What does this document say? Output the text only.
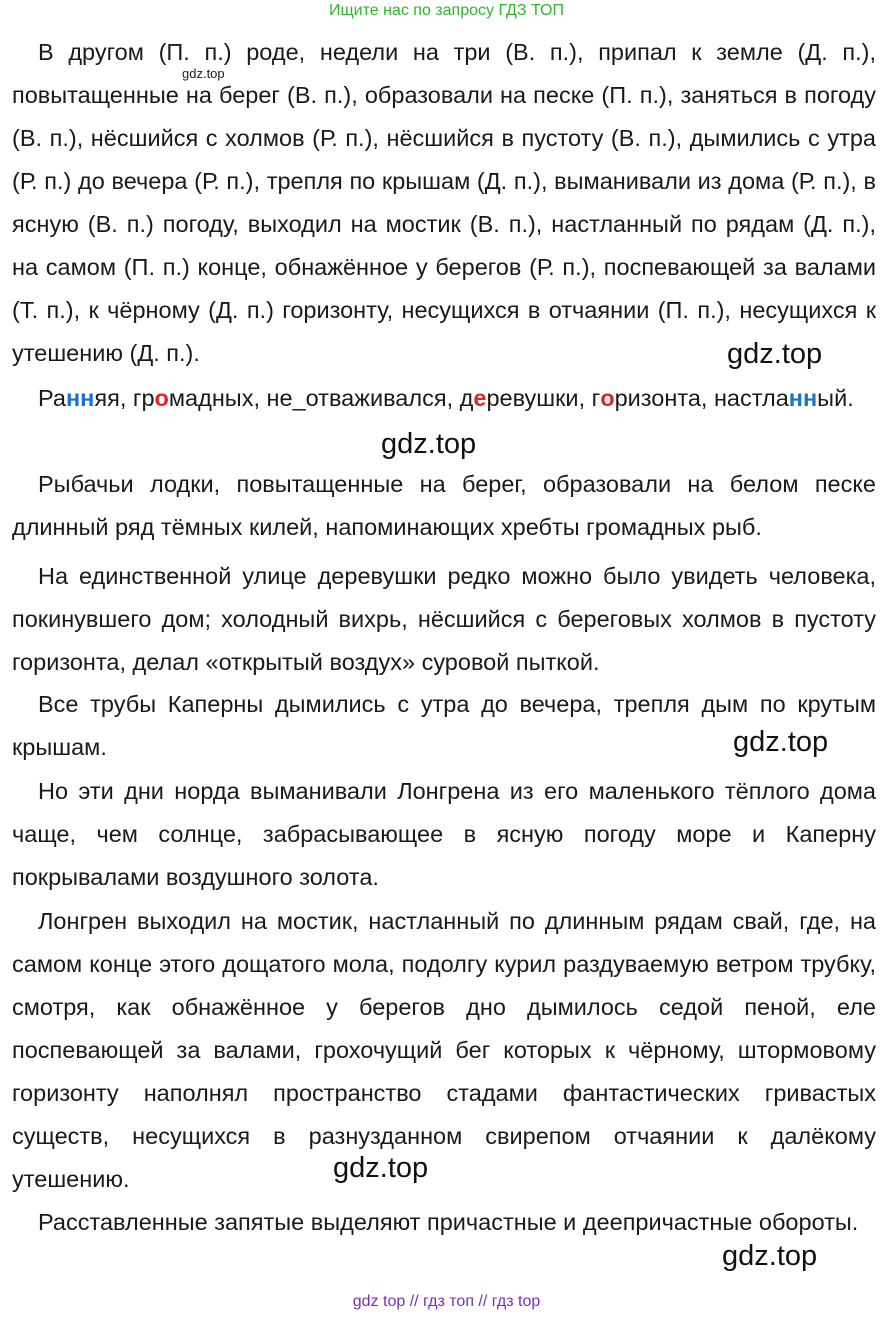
Ищите нас по запросу ГДЗ ТОП

В другом (П. п.) роде, недели на три (В. п.), припал к земле (Д. п.), повытащенные на берег (В. п.), образовали на песке (П. п.), заняться в погоду (В. п.), нёсшийся с холмов (Р. п.), нёсшийся в пустоту (В. п.), дымились с утра (Р. п.) до вечера (Р. п.), трепля по крышам (Д. п.), выманивали из дома (Р. п.), в ясную (В. п.) погоду, выходил на мостик (В. п.), настланный по рядам (Д. п.), на самом (П. п.) конце, обнажённое у берегов (Р. п.), поспевающей за валами (Т. п.), к чёрному (Д. п.) горизонту, несущихся в отчаянии (П. п.), несущихся к утешению (Д. п.).

Ранняя, громадных, не_отваживался, деревушки, горизонта, настланный.

Рыбачьи лодки, повытащенные на берег, образовали на белом песке длинный ряд тёмных килей, напоминающих хребты громадных рыб.

На единственной улице деревушки редко можно было увидеть человека, покинувшего дом; холодный вихрь, нёсшийся с береговых холмов в пустоту горизонта, делал «открытый воздух» суровой пыткой.

Все трубы Каперны дымились с утра до вечера, трепля дым по крутым крышам.

Но эти дни норда выманивали Лонгрена из его маленького тёплого дома чаще, чем солнце, забрасывающее в ясную погоду море и Каперну покрывалами воздушного золота.

Лонгрен выходил на мостик, настланный по длинным рядам свай, где, на самом конце этого дощатого мола, подолгу курил раздуваемую ветром трубку, смотря, как обнажённое у берегов дно дымилось седой пеной, еле поспевающей за валами, грохочущий бег которых к чёрному, штормовому горизонту наполнял пространство стадами фантастических гривастых существ, несущихся в разнузданном свирепом отчаянии к далёкому утешению.

Расставленные запятые выделяют причастные и деепричастные обороты.

gdz.top
gdz.top
gdz.top
gdz.top
gdz.top
gdz.top
gdz top // гдз топ // гдз top
